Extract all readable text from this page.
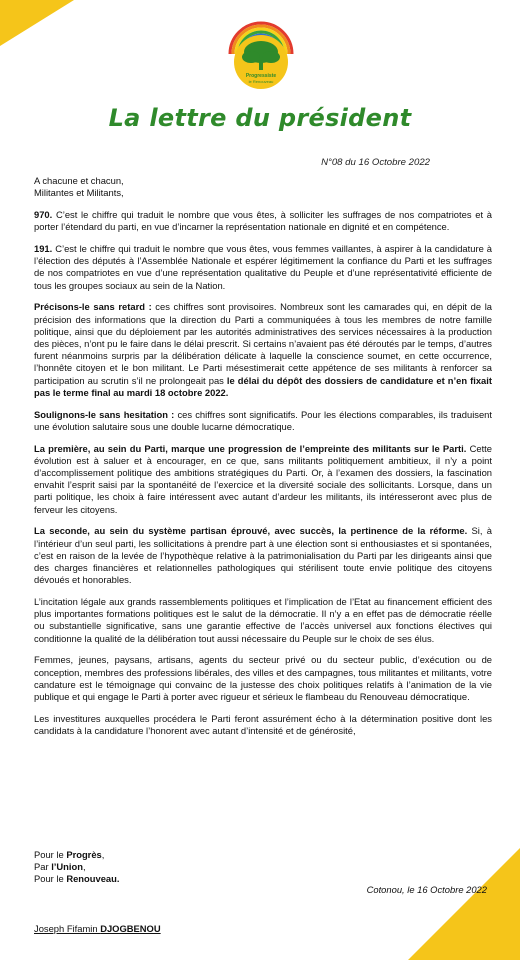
Progressiste
le Renouveau
La lettre du président
N°08 du 16 Octobre 2022

A chacune et chacun,
Militantes et Militants,

970. C’est le chiffre qui traduit le nombre que vous êtes, à solliciter les suffrages de nos compatriotes et à porter l’étendard du parti, en vue d’incarner la représentation nationale en dignité et en compétence.

191. C’est le chiffre qui traduit le nombre que vous êtes, vous femmes vaillantes, à aspirer à la candidature à l’élection des députés à l’Assemblée Nationale et espérer légitimement la confiance du Parti et les suffrages de nos compatriotes en vue d’une représentation qualitative du Peuple et d’une représentativité efficiente de tous les groupes sociaux au sein de la Nation.

Précisons-le sans retard : ces chiffres sont provisoires. Nombreux sont les camarades qui, en dépit de la précision des informations que la direction du Parti a communiquées à tous les membres de notre famille politique, ainsi que du déploiement par les autorités administratives des services nécessaires à la production des pièces, n’ont pu le faire dans le délai prescrit. Si certains n’avaient pas été déroutés par le temps, d’autres furent néanmoins surpris par la délibération délicate à laquelle la conscience soumet, en cette occurrence, l’honnête citoyen et le bon militant. Le Parti mésestimerait cette appétence de ses militants à renforcer sa participation au scrutin s’il ne prolongeait pas le délai du dépôt des dossiers de candidature et n’en fixait pas le terme final au mardi 18 octobre 2022.

Soulignons-le sans hesitation : ces chiffres sont significatifs. Pour les élections comparables, ils traduisent une évolution salutaire sous une double lucarne démocratique.

La première, au sein du Parti, marque une progression de l’empreinte des militants sur le Parti. Cette évolution est à saluer et à encourager, en ce que, sans militants politiquement ambitieux, il n’y a point d’accomplissement politique des ambitions stratégiques du Parti. Or, à l’examen des dossiers, la fascination envahit l’esprit saisi par la spontanéité de l’exercice et la diversité sociale des sollicitants. Lorsque, dans un parti politique, les choix à faire intéressent avec autant d’ardeur les militants, ils intéresseront avec plus de ferveur les citoyens.

La seconde, au sein du système partisan éprouvé, avec succès, la pertinence de la réforme. Si, à l’intérieur d’un seul parti, les sollicitations à prendre part à une élection sont si enthousiastes et si spontanées, c’est en raison de la levée de l’hypothèque relative à la patrimonialisation du Parti par les dirigeants ainsi que des charges financières et relationnelles pathologiques qui stérilisent toute envie politique des citoyens dévoués et honorables.

L’incitation légale aux grands rassemblements politiques et l’implication de l’Etat au financement efficient des plus importantes formations politiques est le salut de la démocratie. Il n’y a en effet pas de démocratie réelle ou substantielle significative, sans une garantie effective de l’accès universel aux fonctions électives qui conditionne la qualité de la délibération tout aussi nécessaire du Peuple sur le choix de ses élus.

Femmes, jeunes, paysans, artisans, agents du secteur privé ou du secteur public, d’exécution ou de conception, membres des professions libérales, des villes et des campagnes, tous militantes et militants, votre candature est le témoignage qui convainc de la justesse des choix politiques relatifs à l’animation de la vie publique et qui engage le Parti à porter avec rigueur et sérieux le flambeau du Renouveau démocratique.

Les investitures auxquelles procédera le Parti feront assurément écho à la détermination positive dont les candidats à la candidature l’honorent avec autant d’intensité et de générosité,

Pour le Progrès,
Par l’Union,
Pour le Renouveau.
Cotonou, le 16 Octobre 2022
Joseph Fifamin DJOGBENOU
